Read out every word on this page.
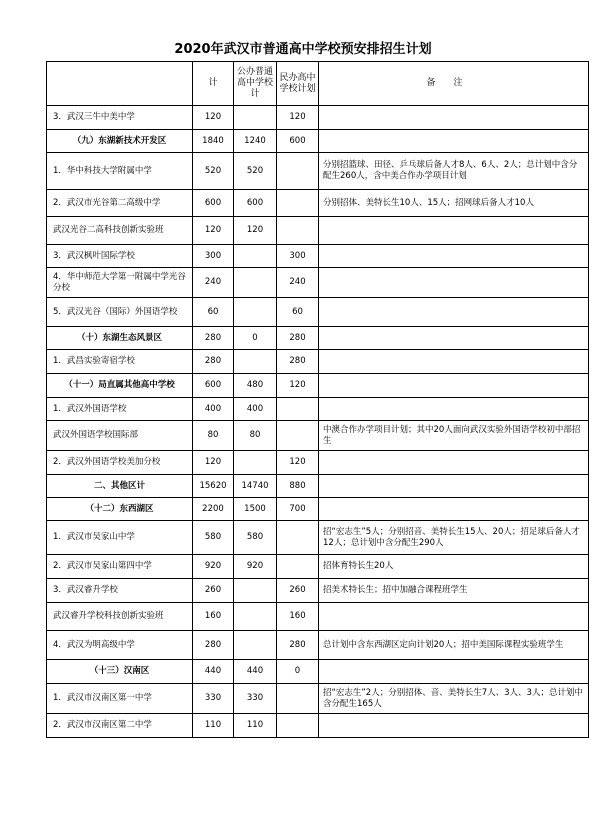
2020年武汉市普通高中学校预安排招生计划
	计	公办普通高中学校计	民办高中学校计划	备注
3．武汉三牛中美中学	120		120	
（九）东湖新技术开发区	1840	1240	600	
1．华中科技大学附属中学	520	520		分别招篮球、田径、乒乓球后备人才8人、6人、2人；总计划中含分配生260人，含中美合作办学项目计划
2．武汉市光谷第二高级中学	600	600		分别招体、美特长生10人、15人；招网球后备人才10人
武汉光谷二高科技创新实验班	120	120		
3．武汉枫叶国际学校	300		300	
4．华中师范大学第一附属中学光谷分校	240		240	
5．武汉光谷（国际）外国语学校	60		60	
（十）东湖生态风景区	280	0	280	
1．武昌实验寄宿学校	280		280	
（十一）局直属其他高中学校	600	480	120	
1．武汉外国语学校	400	400		
武汉外国语学校国际部	80	80		中澳合作办学项目计划；其中20人面向武汉实验外国语学校初中部招生
2．武汉外国语学校美加分校	120		120	
二、其他区计	15620	14740	880	
（十二）东西湖区	2200	1500	700	
1．武汉市吴家山中学	580	580		招“宏志生”5人；分别招音、美特长生15人、20人；招足球后备人才12人；总计划中含分配生290人
2．武汉市吴家山第四中学	920	920		招体育特长生20人
3．武汉睿升学校	260		260	招美术特长生；招中加融合课程班学生
武汉睿升学校科技创新实验班	160		160	
4．武汉为明高级中学	280		280	总计划中含东西湖区定向计划20人；招中美国际课程实验班学生
（十三）汉南区	440	440	0	
1．武汉市汉南区第一中学	330	330		招“宏志生”2人；分别招体、音、美特长生7人、3人、3人；总计划中含分配生165人
2．武汉市汉南区第二中学	110	110		
